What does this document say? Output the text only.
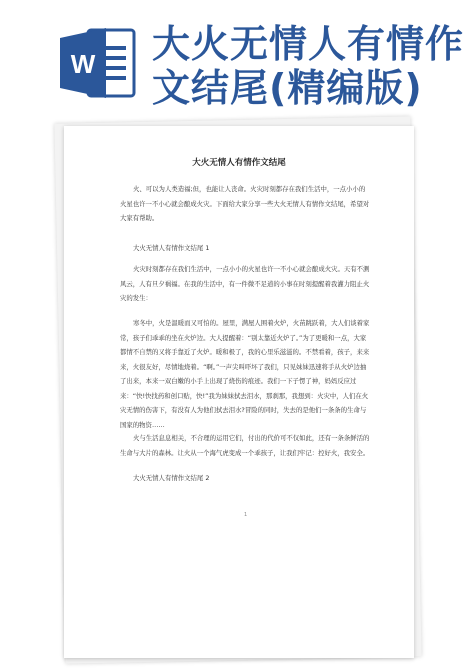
W 大火无情人有情作文结尾(精编版)
大火无情人有情作文结尾
火、可以为人类造福;但，也能让人丧命。火灾时刻都存在我们生活中，一点小小的火星也许一不小心就会酿成火灾。下面给大家分享一些大火无情人有情作文结尾，希望对大家有帮助。
大火无情人有情作文结尾 1
火灾时刻都存在我们生活中，一点小小的火星也许一不小心就会酿成火灾。天有不测风云，人有旦夕祸福。在我的生活中，有一件微不足道的小事在时刻提醒着我灌力阻止火灾的发生：
寒冬中，火是温暖而又可怕的。屋里，满屋人围着火炉，火苗跳跃着，大人们谈着家常，孩子们乖乖的坐在火炉边。大人提醒着：“别太靠近火炉了。”为了更暖和一点，大家都情不自禁的又将手靠近了火炉。暖和极了，我的心里乐滋滋的。不禁看着，孩子，来来来，火很友好，尽情地烧着。“啊。”一声尖叫吓坏了我们，只见妹妹迅速将手从火炉边抽了出来，本来一双白嫩的小手上出现了烧伤的痕迹。我们一下子愣了神，妈妈反应过来：“快!快找药和创口贴，快!”我为妹妹拭去泪水，那刹那，我想到：火灾中，人们在火灾无情的伤害下，有没有人为他们拭去泪水?冒险的同时，失去的是他们一条条的生命与国家的物资……
火与生活息息相关，不合理的运用它们，付出的代价可不仅如此，还有一条条鲜活的生命与大片的森林。让火从一个海气虎变成一个乖孩子，让我们牢记：控好火，我安全。
大火无情人有情作文结尾 2
1
